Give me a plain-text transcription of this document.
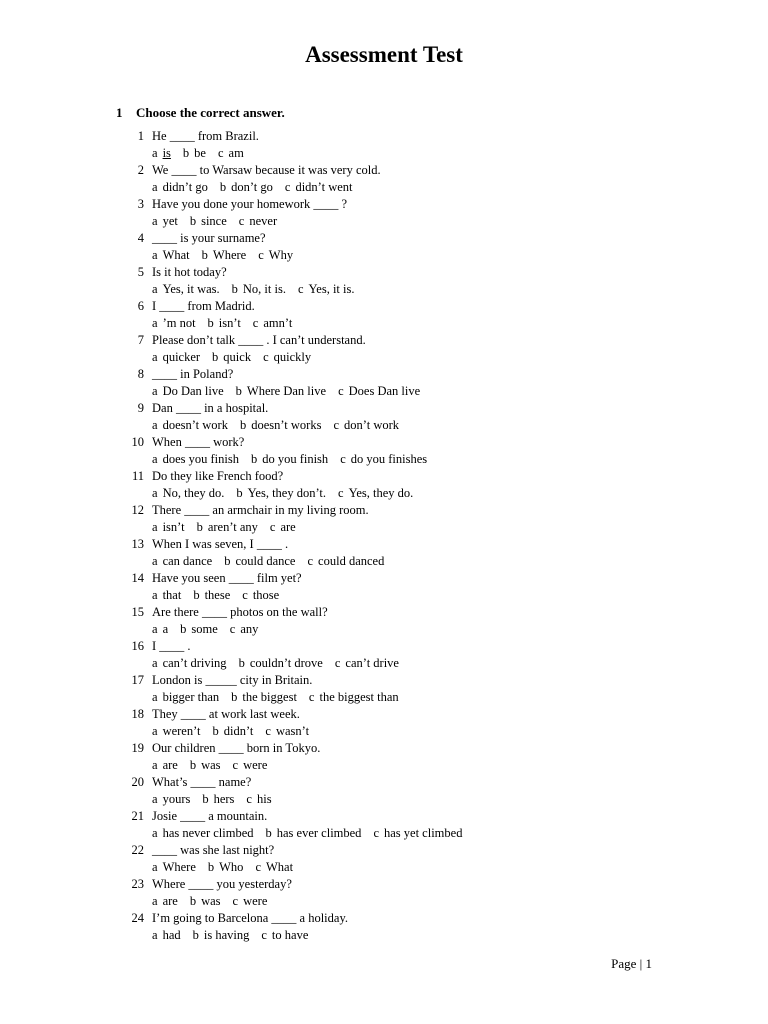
Assessment Test
1 Choose the correct answer.
1 He ____ from Brazil.
a is b be c am
2 We ____ to Warsaw because it was very cold.
a didn’t go b don’t go c didn’t went
3 Have you done your homework ____ ?
a yet b since c never
4 ____ is your surname?
a What b Where c Why
5 Is it hot today?
a Yes, it was. b No, it is. c Yes, it is.
6 I ____ from Madrid.
a ’m not b isn’t c amn’t
7 Please don’t talk ____ . I can’t understand.
a quicker b quick c quickly
8 ____ in Poland?
a Do Dan live b Where Dan live c Does Dan live
9 Dan ____ in a hospital.
a doesn’t work b doesn’t works c don’t work
10 When ____ work?
a does you finish b do you finish c do you finishes
11 Do they like French food?
a No, they do. b Yes, they don’t. c Yes, they do.
12 There ____ an armchair in my living room.
a isn’t b aren’t any c are
13 When I was seven, I ____ .
a can dance b could dance c could danced
14 Have you seen ____ film yet?
a that b these c those
15 Are there ____ photos on the wall?
a a b some c any
16 I ____ .
a can’t driving b couldn’t drove c can’t drive
17 London is _____ city in Britain.
a bigger than b the biggest c the biggest than
18 They ____ at work last week.
a weren’t b didn’t c wasn’t
19 Our children ____ born in Tokyo.
a are b was c were
20 What’s ____ name?
a yours b hers c his
21 Josie ____ a mountain.
a has never climbed b has ever climbed c has yet climbed
22 ____ was she last night?
a Where b Who c What
23 Where ____ you yesterday?
a are b was c were
24 I’m going to Barcelona ____ a holiday.
a had b is having c to have
Page | 1
